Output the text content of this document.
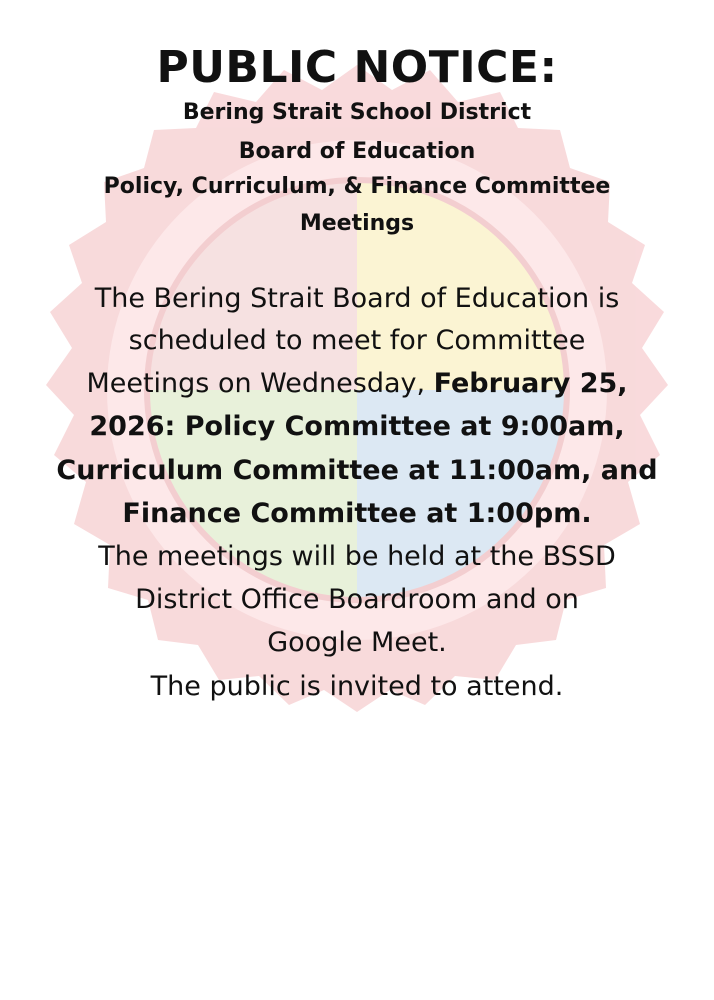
PUBLIC NOTICE:

Bering Strait School District

Board of Education

Policy, Curriculum, & Finance Committee

Meetings

The Bering Strait Board of Education is

scheduled to meet for Committee

Meetings on Wednesday, February 25,

2026: Policy Committee at 9:00am,

Curriculum Committee at 11:00am, and

Finance Committee at 1:00pm.

The meetings will be held at the BSSD

District Office Boardroom and on

Google Meet.

The public is invited to attend.
